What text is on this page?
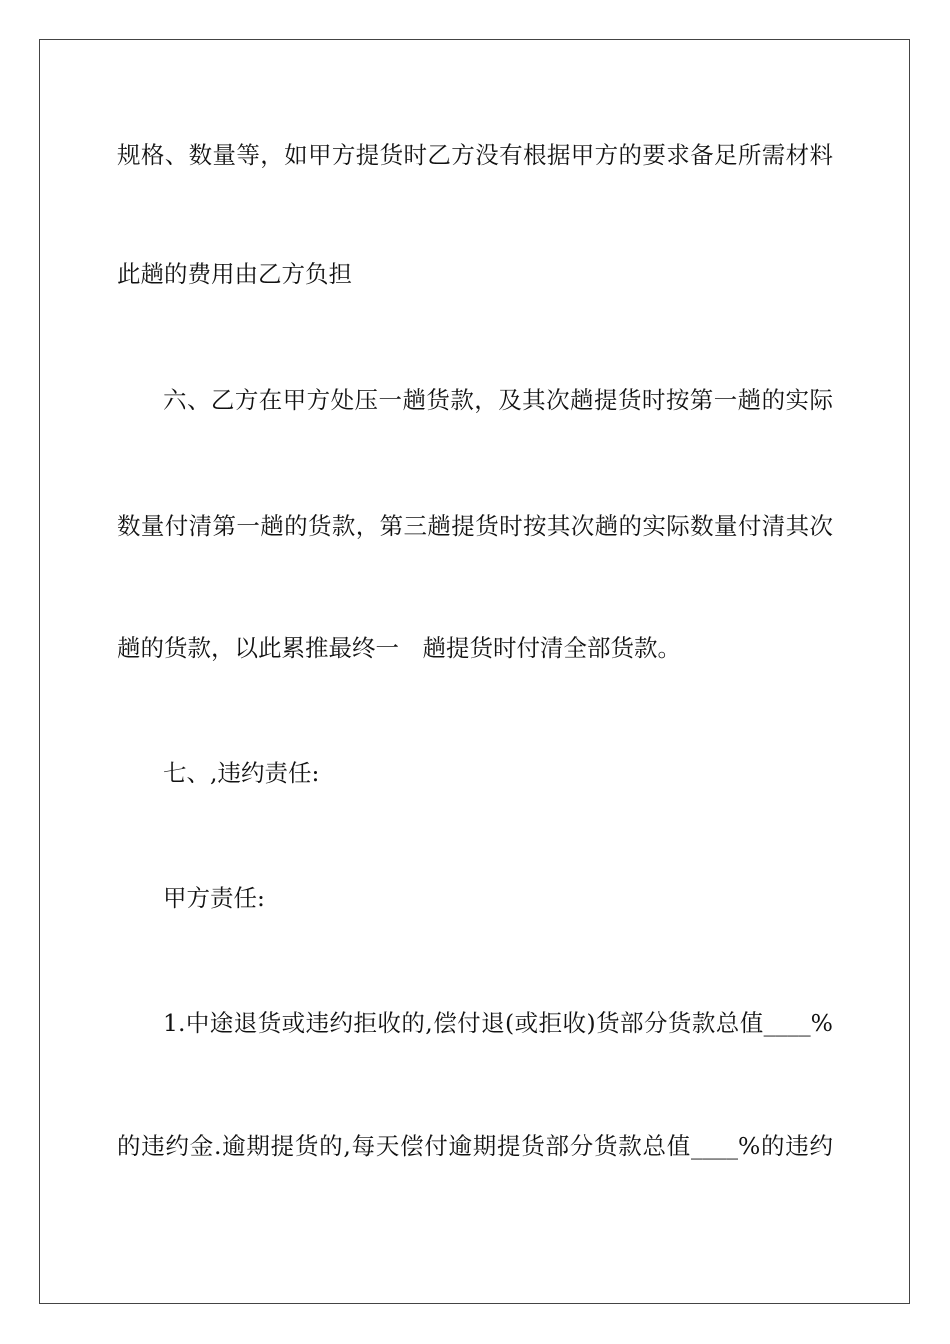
规格、数量等，如甲方提货时乙方没有根据甲方的要求备足所需材料
此趟的费用由乙方负担
六、乙方在甲方处压一趟货款，及其次趟提货时按第一趟的实际
数量付清第一趟的货款，第三趟提货时按其次趟的实际数量付清其次
趟的货款，以此累推最终一　趟提货时付清全部货款。
七、,违约责任:
甲方责任:
1.中途退货或违约拒收的,偿付退(或拒收)货部分货款总值____%
的违约金.逾期提货的,每天偿付逾期提货部分货款总值____%的违约
